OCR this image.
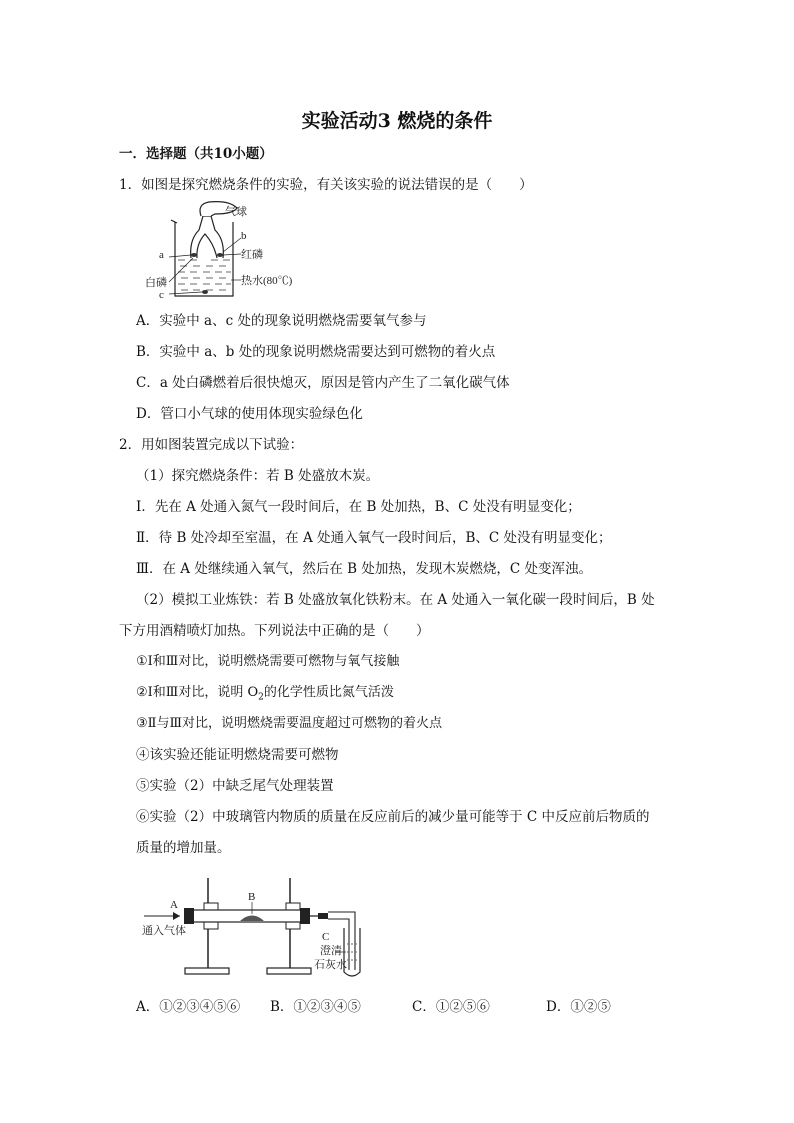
实验活动3 燃烧的条件
一．选择题（共10小题）
1．如图是探究燃烧条件的实验，有关该实验的说法错误的是（　　）
气球
b
a	红磷
白磷	热水(80℃)
c
A．实验中 a、c 处的现象说明燃烧需要氧气参与
B．实验中 a、b 处的现象说明燃烧需要达到可燃物的着火点
C．a 处白磷燃着后很快熄灭，原因是管内产生了二氧化碳气体
D．管口小气球的使用体现实验绿色化
2．用如图装置完成以下试验：
（1）探究燃烧条件：若 B 处盛放木炭。
Ⅰ．先在 A 处通入氮气一段时间后，在 B 处加热，B、C 处没有明显变化；
Ⅱ．待 B 处冷却至室温，在 A 处通入氧气一段时间后，B、C 处没有明显变化；
Ⅲ．在 A 处继续通入氧气，然后在 B 处加热，发现木炭燃烧，C 处变浑浊。
（2）模拟工业炼铁：若 B 处盛放氧化铁粉末。在 A 处通入一氧化碳一段时间后，B 处
下方用酒精喷灯加热。下列说法中正确的是（　　）
①Ⅰ和Ⅲ对比，说明燃烧需要可燃物与氧气接触
②Ⅰ和Ⅲ对比，说明 $O_2$的化学性质比氮气活泼
③Ⅱ与Ⅲ对比，说明燃烧需要温度超过可燃物的着火点
④该实验还能证明燃烧需要可燃物
⑤实验（2）中缺乏尾气处理装置
⑥实验（2）中玻璃管内物质的质量在反应前后的减少量可能等于 C 中反应前后物质的
质量的增加量。
A
B
C
通入气体
澄清
石灰水
A．①②③④⑤⑥ B．①②③④⑤	C．①②⑤⑥	D．①②⑤
